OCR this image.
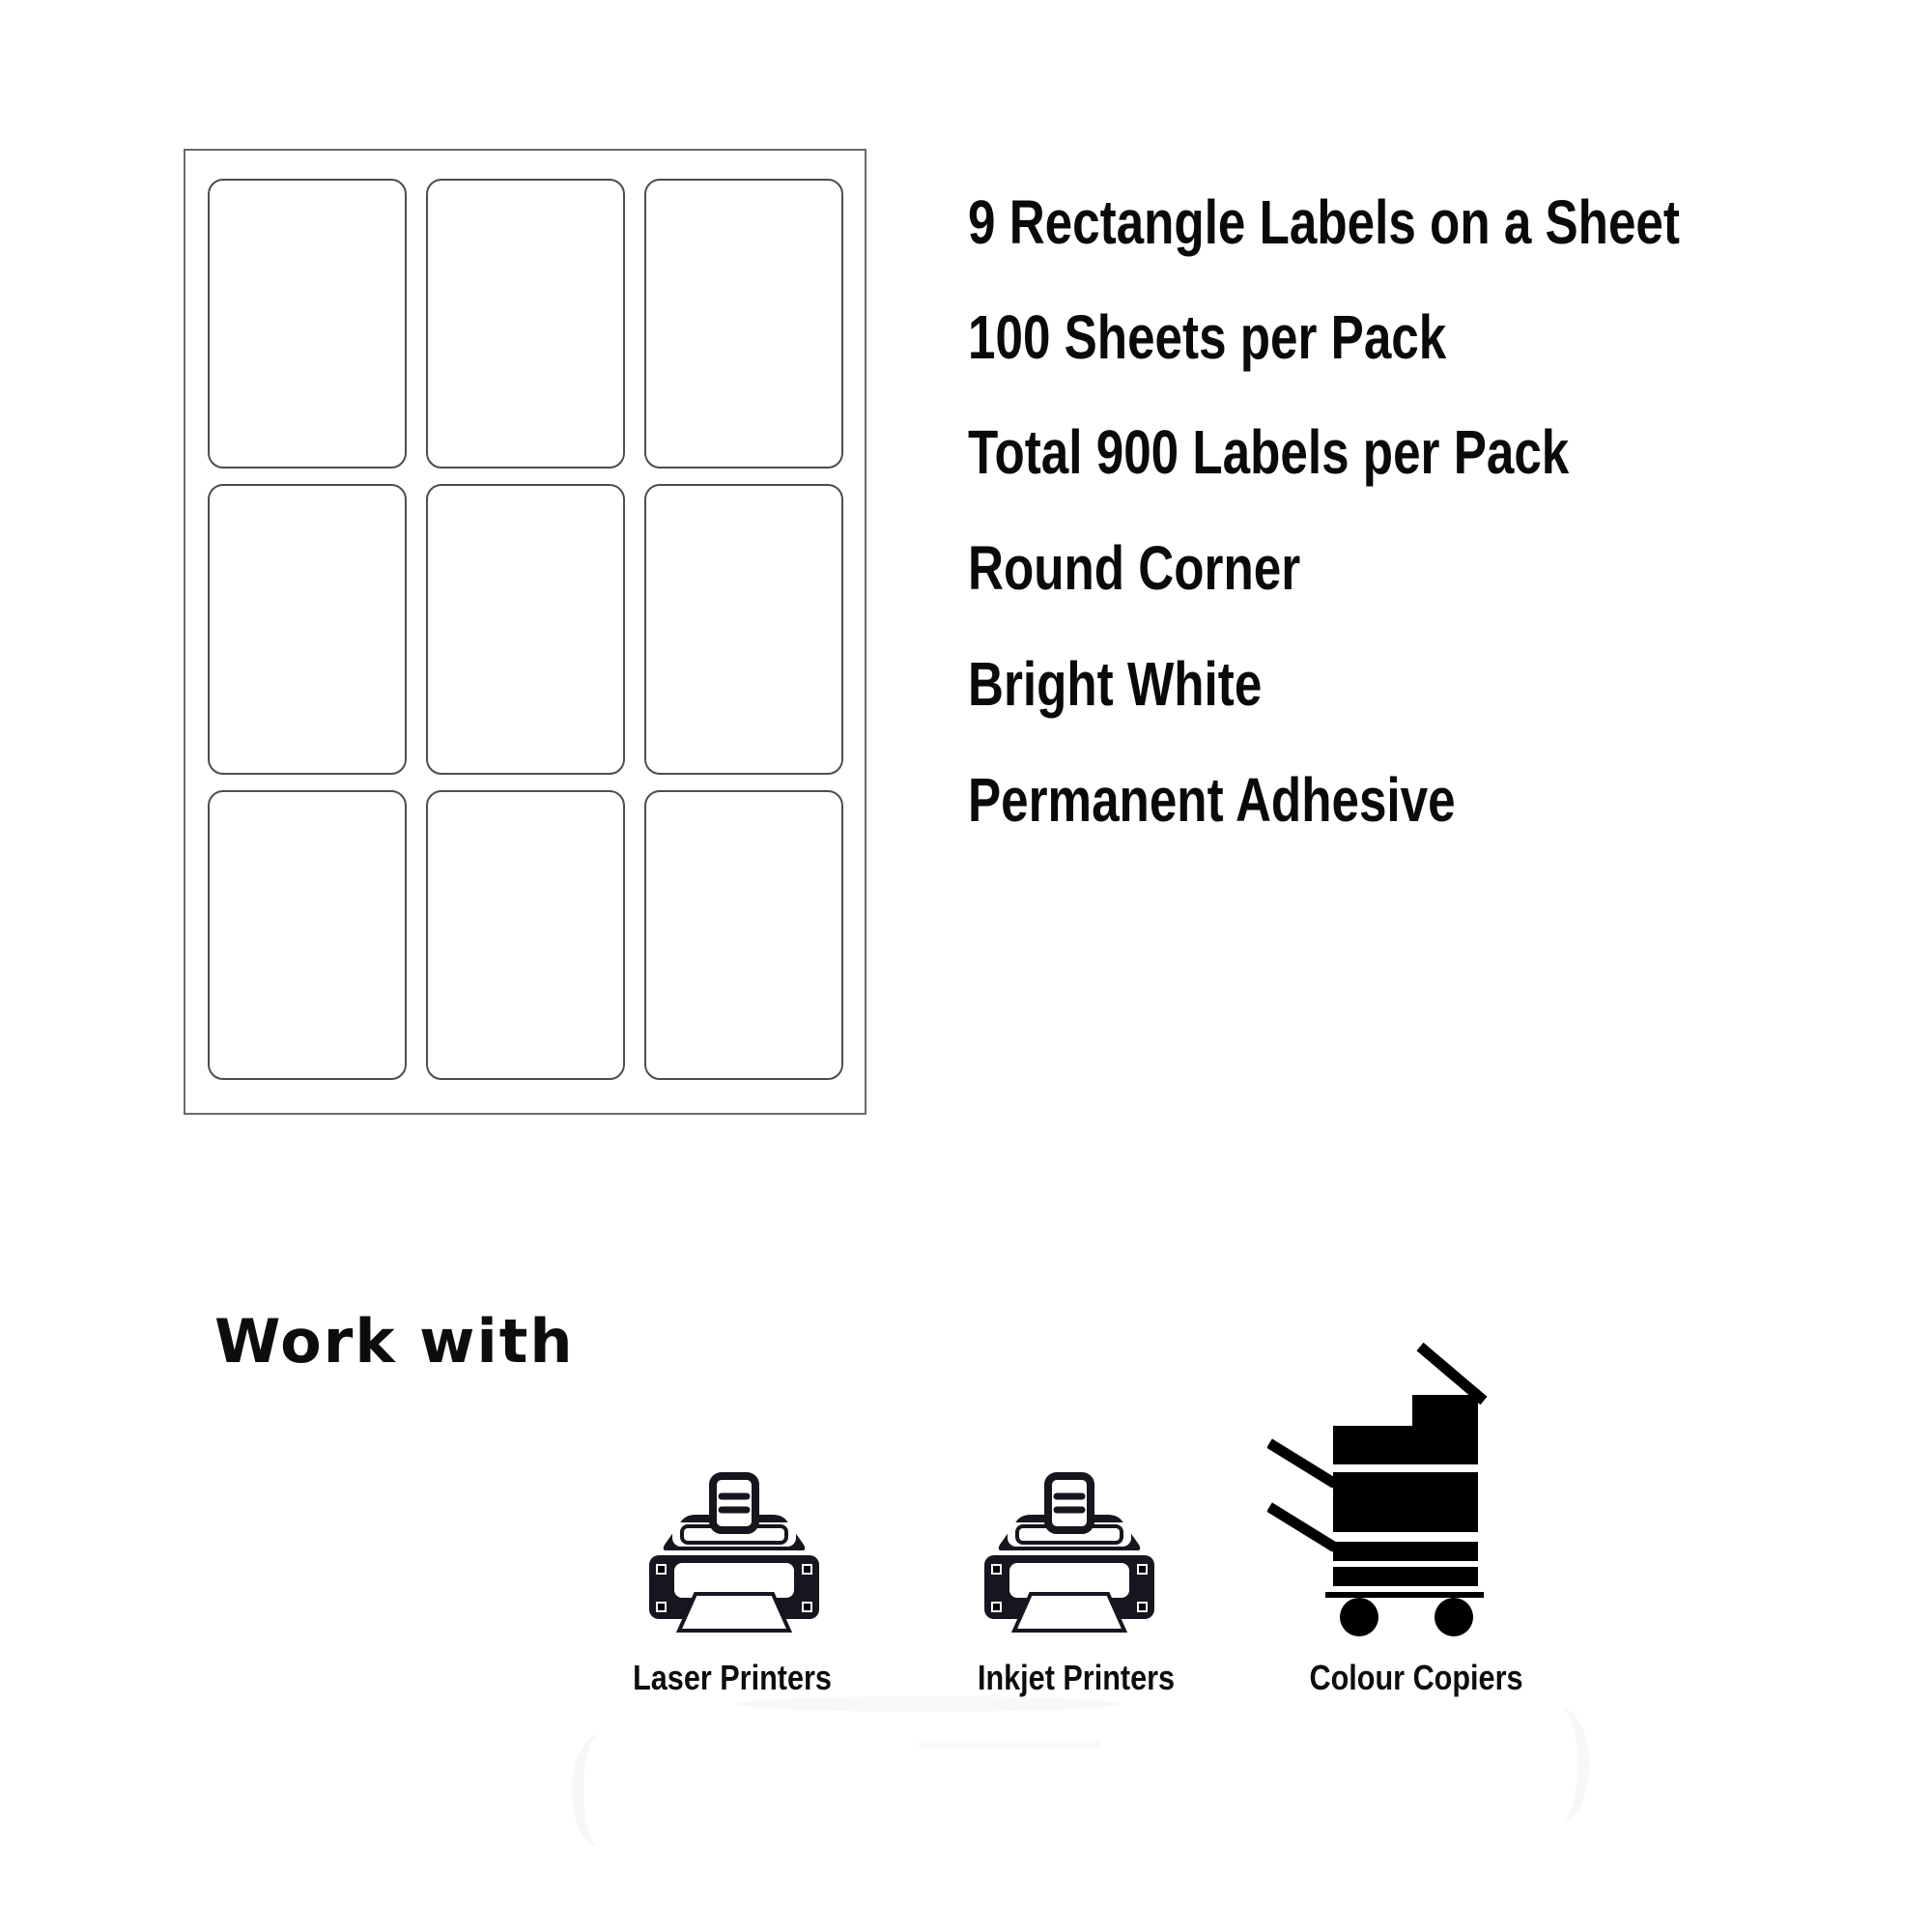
9 Rectangle Labels on a Sheet
100 Sheets per Pack
Total 900 Labels per Pack
Round Corner
Bright White
Permanent Adhesive
Work with
Laser Printers	Inkjet Printers	Colour Copiers
